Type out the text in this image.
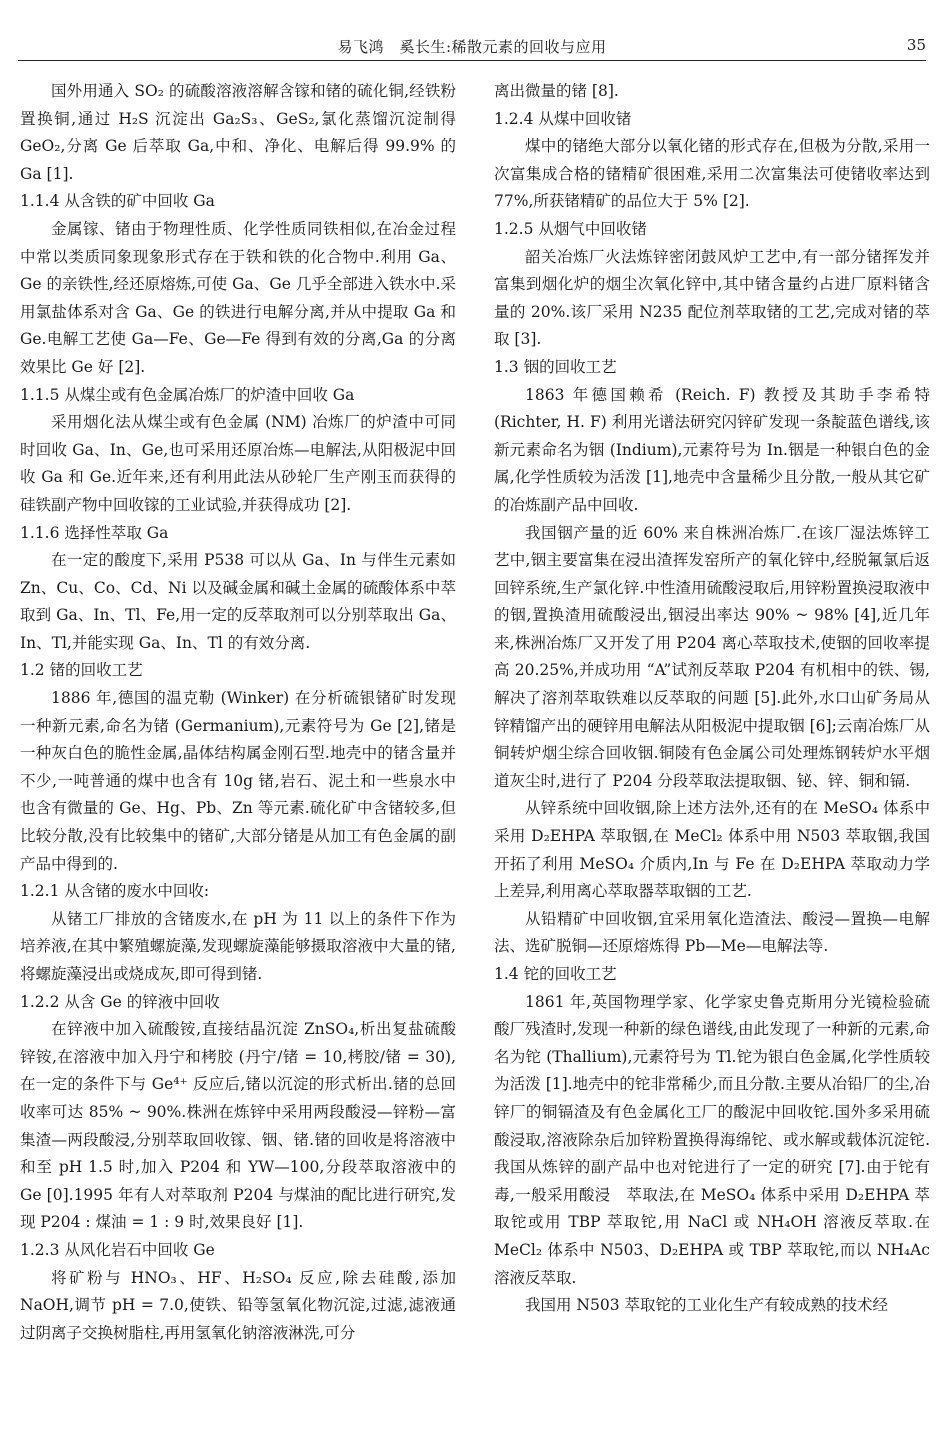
易飞鸿　奚长生:稀散元素的回收与应用	35

国外用通入 SO₂ 的硫酸溶液溶解含镓和锗的硫化铜,经铁粉置换铜,通过 H₂S 沉淀出 Ga₂S₃、GeS₂,氯化蒸馏沉淀制得 GeO₂,分离 Ge 后萃取 Ga,中和、净化、电解后得 99.9% 的 Ga [1].

1.1.4 从含铁的矿中回收 Ga

金属镓、锗由于物理性质、化学性质同铁相似,在冶金过程中常以类质同象现象形式存在于铁和铁的化合物中.利用 Ga、Ge 的亲铁性,经还原熔炼,可使 Ga、Ge 几乎全部进入铁水中.采用氯盐体系对含 Ga、Ge 的铁进行电解分离,并从中提取 Ga 和 Ge.电解工艺使 Ga—Fe、Ge—Fe 得到有效的分离,Ga 的分离效果比 Ge 好 [2].

1.1.5 从煤尘或有色金属冶炼厂的炉渣中回收 Ga

采用烟化法从煤尘或有色金属 (NM) 冶炼厂的炉渣中可同时回收 Ga、In、Ge,也可采用还原冶炼—电解法,从阳极泥中回收 Ga 和 Ge.近年来,还有利用此法从砂轮厂生产刚玉而获得的硅铁副产物中回收镓的工业试验,并获得成功 [2].

1.1.6 选择性萃取 Ga

在一定的酸度下,采用 P538 可以从 Ga、In 与伴生元素如 Zn、Cu、Co、Cd、Ni 以及碱金属和碱土金属的硫酸体系中萃取到 Ga、In、Tl、Fe,用一定的反萃取剂可以分别萃取出 Ga、In、Tl,并能实现 Ga、In、Tl 的有效分离.

1.2 锗的回收工艺

1886 年,德国的温克勒 (Winker) 在分析硫银锗矿时发现一种新元素,命名为锗 (Germanium),元素符号为 Ge [2],锗是一种灰白色的脆性金属,晶体结构属金刚石型.地壳中的锗含量并不少,一吨普通的煤中也含有 10g 锗,岩石、泥土和一些泉水中也含有微量的 Ge、Hg、Pb、Zn 等元素.硫化矿中含锗较多,但比较分散,没有比较集中的锗矿,大部分锗是从加工有色金属的副产品中得到的.

1.2.1 从含锗的废水中回收:

从锗工厂排放的含锗废水,在 pH 为 11 以上的条件下作为培养液,在其中繁殖螺旋藻,发现螺旋藻能够摄取溶液中大量的锗,将螺旋藻浸出或烧成灰,即可得到锗.

1.2.2 从含 Ge 的锌液中回收

在锌液中加入硫酸铵,直接结晶沉淀 ZnSO₄,析出复盐硫酸锌铵,在溶液中加入丹宁和栲胶 (丹宁/锗 = 10,栲胶/锗 = 30),在一定的条件下与 Ge⁴⁺ 反应后,锗以沉淀的形式析出.锗的总回收率可达 85% ~ 90%.株洲在炼锌中采用两段酸浸—锌粉—富集渣—两段酸浸,分别萃取回收镓、铟、锗.锗的回收是将溶液中和至 pH 1.5 时,加入 P204 和 YW—100,分段萃取溶液中的 Ge [0].1995 年有人对萃取剂 P204 与煤油的配比进行研究,发现 P204 : 煤油 = 1 : 9 时,效果良好 [1].

1.2.3 从风化岩石中回收 Ge

将矿粉与 HNO₃、HF、H₂SO₄ 反应,除去硅酸,添加 NaOH,调节 pH = 7.0,使铁、铅等氢氧化物沉淀,过滤,滤液通过阴离子交换树脂柱,再用氢氧化钠溶液淋洗,可分

离出微量的锗 [8].

1.2.4 从煤中回收锗

煤中的锗绝大部分以氧化锗的形式存在,但极为分散,采用一次富集成合格的锗精矿很困难,采用二次富集法可使锗收率达到 77%,所获锗精矿的品位大于 5% [2].

1.2.5 从烟气中回收锗

韶关冶炼厂火法炼锌密闭鼓风炉工艺中,有一部分锗挥发并富集到烟化炉的烟尘次氧化锌中,其中锗含量约占进厂原料锗含量的 20%.该厂采用 N235 配位剂萃取锗的工艺,完成对锗的萃取 [3].

1.3 铟的回收工艺

1863 年德国赖希 (Reich. F) 教授及其助手李希特 (Richter, H. F) 利用光谱法研究闪锌矿发现一条靛蓝色谱线,该新元素命名为铟 (Indium),元素符号为 In.铟是一种银白色的金属,化学性质较为活泼 [1],地壳中含量稀少且分散,一般从其它矿的冶炼副产品中回收.

我国铟产量的近 60% 来自株洲冶炼厂.在该厂湿法炼锌工艺中,铟主要富集在浸出渣挥发窑所产的氧化锌中,经脱氟氯后返回锌系统,生产氯化锌.中性渣用硫酸浸取后,用锌粉置换浸取液中的铟,置换渣用硫酸浸出,铟浸出率达 90% ~ 98% [4],近几年来,株洲冶炼厂又开发了用 P204 离心萃取技术,使铟的回收率提高 20.25%,并成功用 “A”试剂反萃取 P204 有机相中的铁、锡,解决了溶剂萃取铁难以反萃取的问题 [5].此外,水口山矿务局从锌精馏产出的硬锌用电解法从阳极泥中提取铟 [6];云南冶炼厂从铜转炉烟尘综合回收铟.铜陵有色金属公司处理炼钢转炉水平烟道灰尘时,进行了 P204 分段萃取法提取铟、铋、锌、铜和镉.

从锌系统中回收铟,除上述方法外,还有的在 MeSO₄ 体系中采用 D₂EHPA 萃取铟,在 MeCl₂ 体系中用 N503 萃取铟,我国开拓了利用 MeSO₄ 介质内,In 与 Fe 在 D₂EHPA 萃取动力学上差异,利用离心萃取器萃取铟的工艺.

从铅精矿中回收铟,宜采用氧化造渣法、酸浸—置换—电解法、选矿脱铜—还原熔炼得 Pb—Me—电解法等.

1.4 铊的回收工艺

1861 年,英国物理学家、化学家史鲁克斯用分光镜检验硫酸厂残渣时,发现一种新的绿色谱线,由此发现了一种新的元素,命名为铊 (Thallium),元素符号为 Tl.铊为银白色金属,化学性质较为活泼 [1].地壳中的铊非常稀少,而且分散.主要从冶铅厂的尘,冶锌厂的铜镉渣及有色金属化工厂的酸泥中回收铊.国外多采用硫酸浸取,溶液除杂后加锌粉置换得海绵铊、或水解或载体沉淀铊.我国从炼锌的副产品中也对铊进行了一定的研究 [7].由于铊有毒,一般采用酸浸　萃取法,在 MeSO₄ 体系中采用 D₂EHPA 萃取铊或用 TBP 萃取铊,用 NaCl 或 NH₄OH 溶液反萃取.在 MeCl₂ 体系中 N503、D₂EHPA 或 TBP 萃取铊,而以 NH₄Ac 溶液反萃取.

我国用 N503 萃取铊的工业化生产有较成熟的技术经
